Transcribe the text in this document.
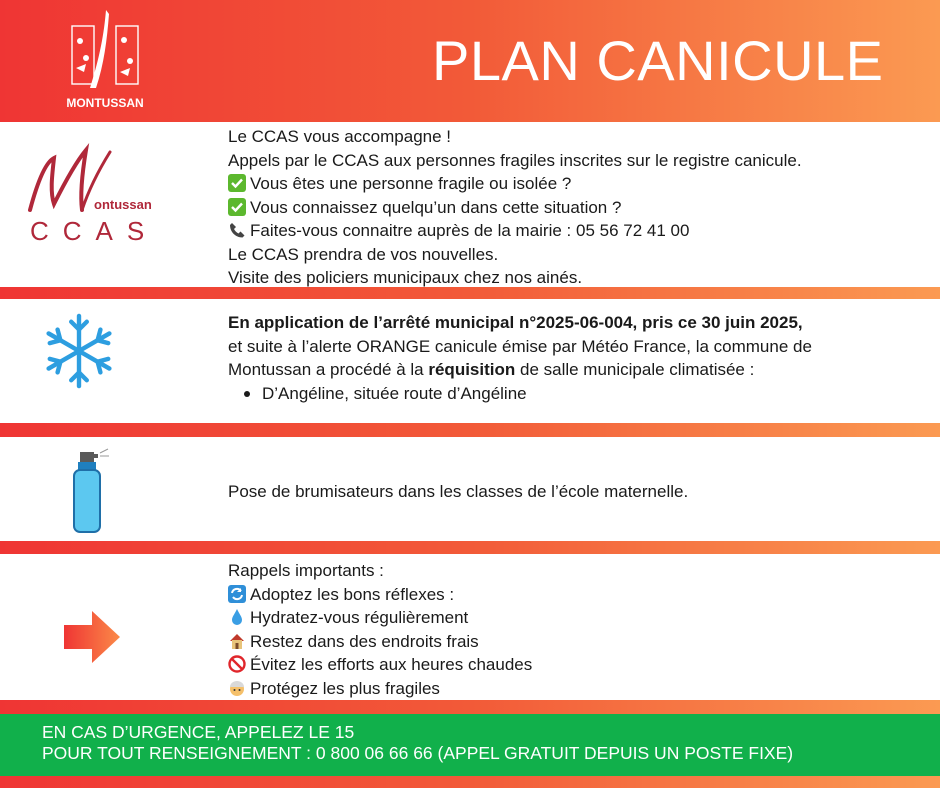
MONTUSSAN
PLAN CANICULE
ontussan
CCAS
Le CCAS vous accompagne !
Appels par le CCAS aux personnes fragiles inscrites sur le registre canicule.
Vous êtes une personne fragile ou isolée ?
Vous connaissez quelqu’un dans cette situation ?
Faites-vous connaitre auprès de la mairie : 05 56 72 41 00
Le CCAS prendra de vos nouvelles.
Visite des policiers municipaux chez nos ainés.
En application de l’arrêté municipal n°2025-06-004, pris ce 30 juin 2025,
et suite à l’alerte ORANGE canicule émise par Météo France, la commune de
Montussan a procédé à la réquisition de salle municipale climatisée :
D’Angéline, située route d’Angéline
Pose de brumisateurs dans les classes de l’école maternelle.
Rappels importants :
Adoptez les bons réflexes :
Hydratez-vous régulièrement
Restez dans des endroits frais
Évitez les efforts aux heures chaudes
Protégez les plus fragiles
EN CAS D’URGENCE, APPELEZ LE 15
POUR TOUT RENSEIGNEMENT : 0 800 06 66 66 (APPEL GRATUIT DEPUIS UN POSTE FIXE)
